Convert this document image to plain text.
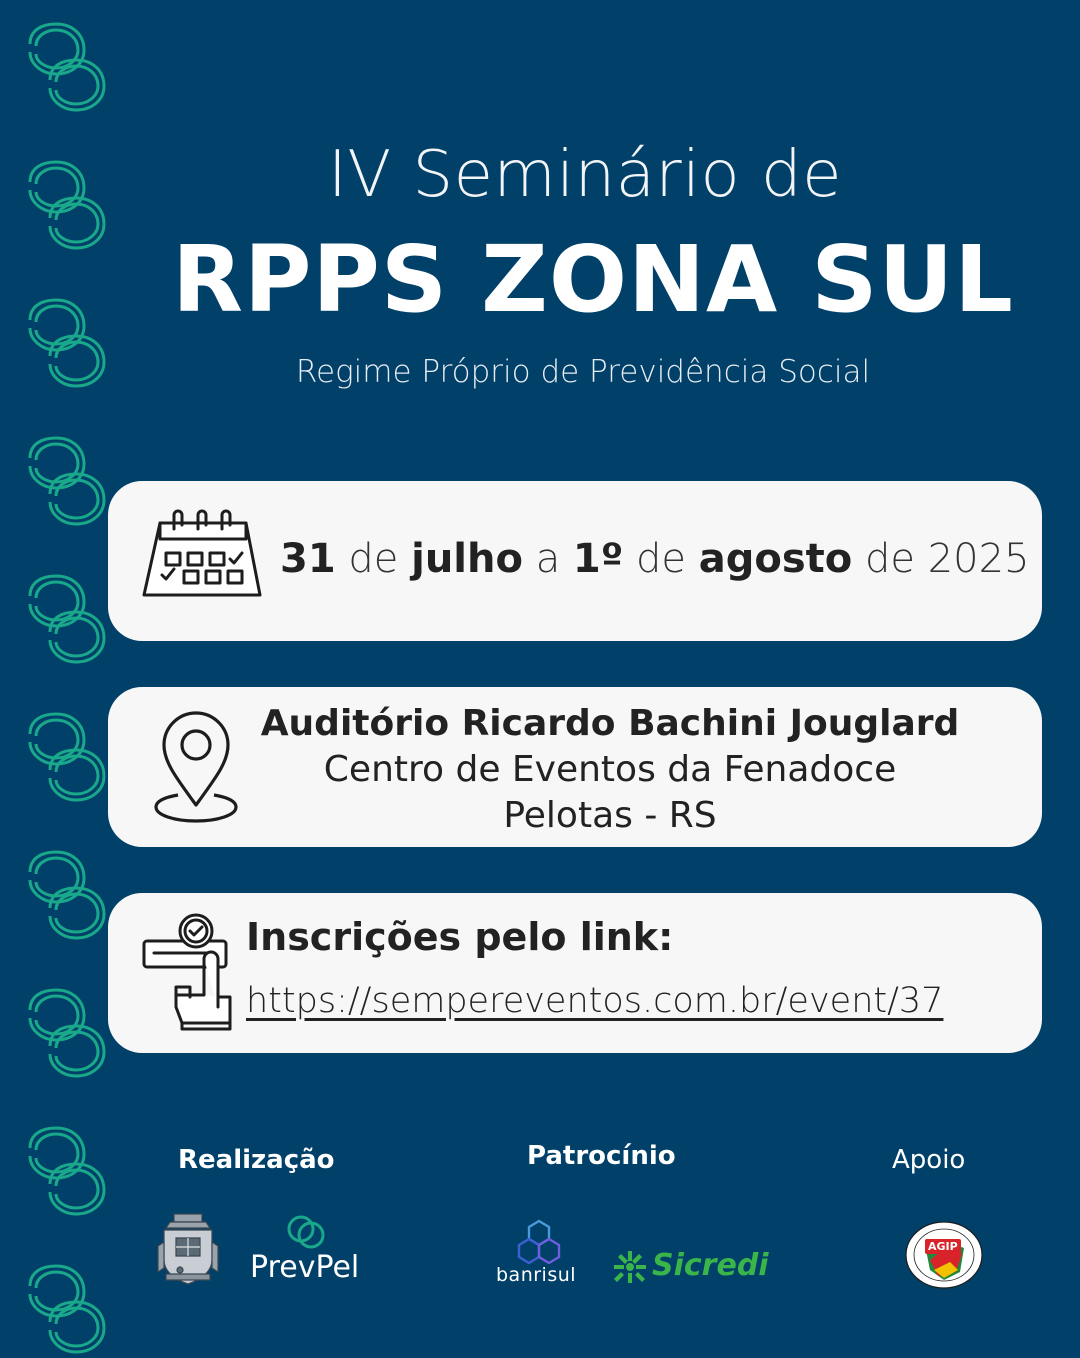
IV Seminário de
RPPS ZONA SUL
Regime Próprio de Previdência Social
31 de julho a 1º de agosto de 2025
Auditório Ricardo Bachini Jouglard
Centro de Eventos da Fenadoce
Pelotas - RS
Inscrições pelo link:
https://sempereventos.com.br/event/37
Realização	Patrocínio	Apoio
PrevPel	banrisul	Sicredi
AGIP
